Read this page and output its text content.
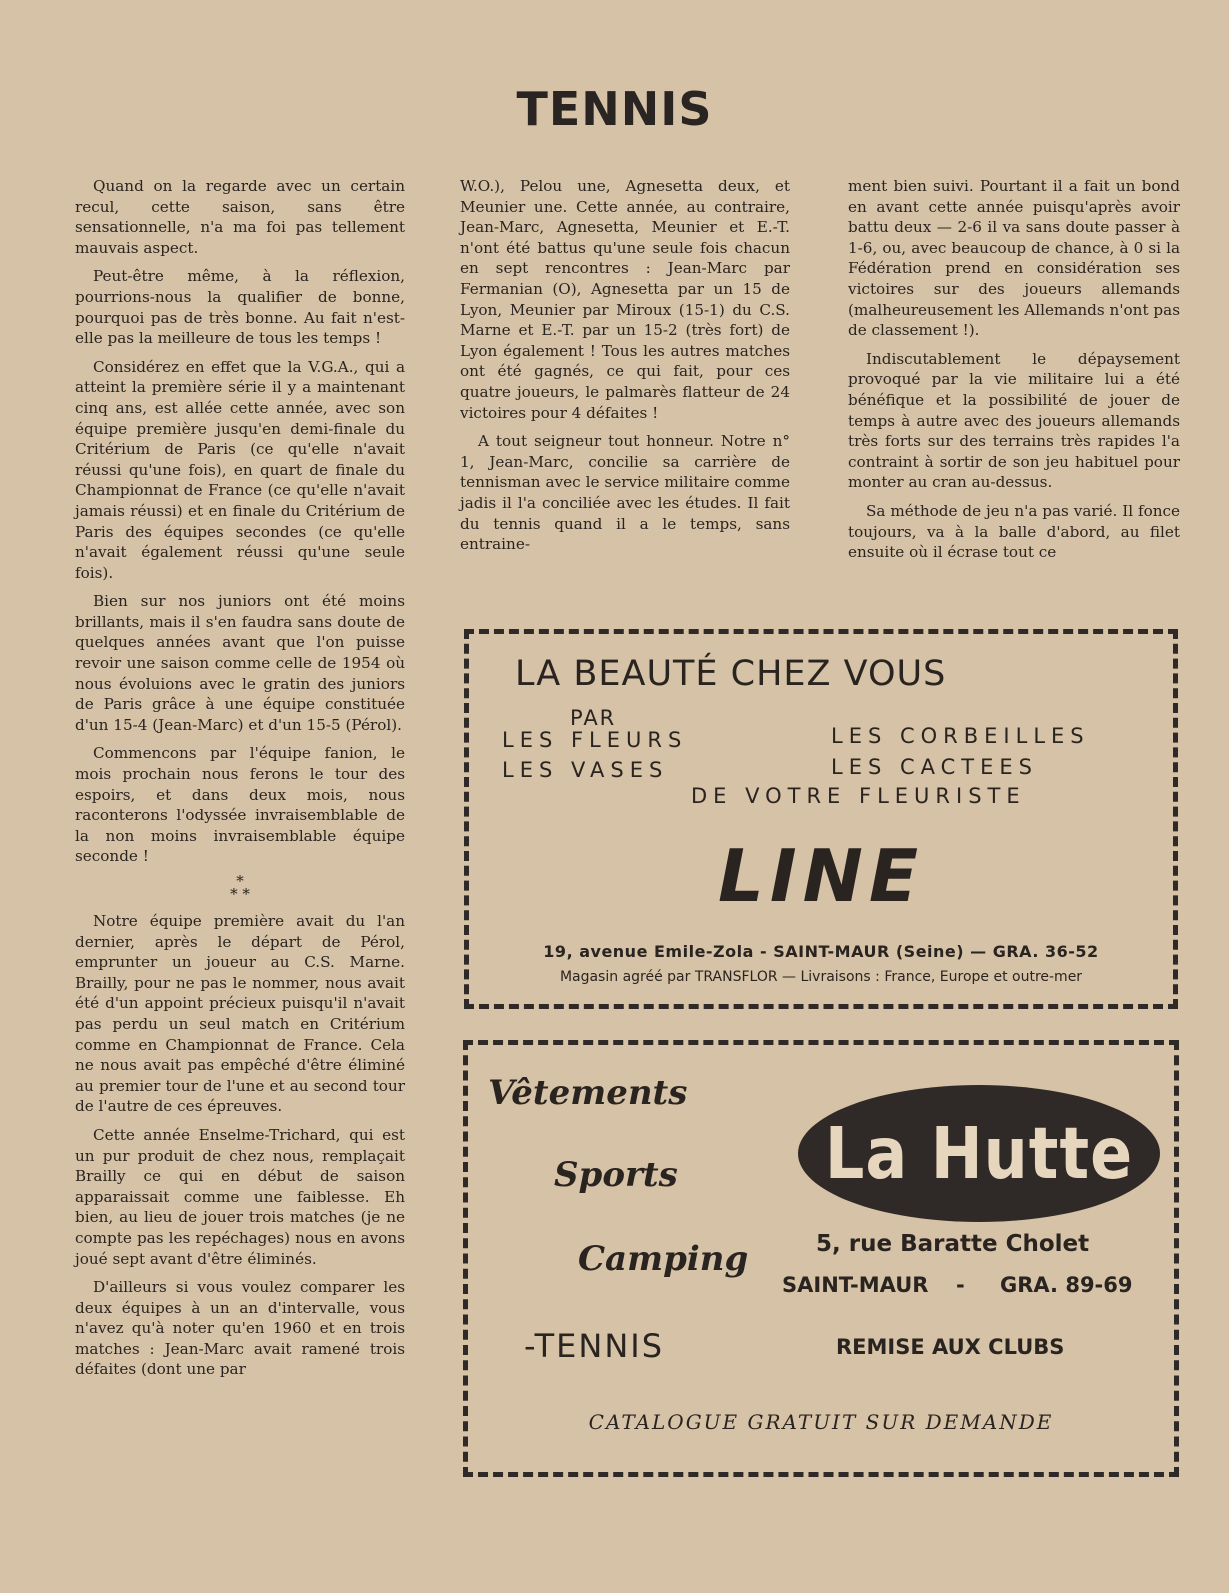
TENNIS

Quand on la regarde avec un certain recul, cette saison, sans être sensationnelle, n'a ma foi pas tellement mauvais aspect.

Peut-être même, à la réflexion, pourrions-nous la qualifier de bonne, pourquoi pas de très bonne. Au fait n'est-elle pas la meilleure de tous les temps !

Considérez en effet que la V.G.A., qui a atteint la première série il y a maintenant cinq ans, est allée cette année, avec son équipe première jusqu'en demi-finale du Critérium de Paris (ce qu'elle n'avait réussi qu'une fois), en quart de finale du Championnat de France (ce qu'elle n'avait jamais réussi) et en finale du Critérium de Paris des équipes secondes (ce qu'elle n'avait également réussi qu'une seule fois).

Bien sur nos juniors ont été moins brillants, mais il s'en faudra sans doute de quelques années avant que l'on puisse revoir une saison comme celle de 1954 où nous évoluions avec le gratin des juniors de Paris grâce à une équipe constituée d'un 15-4 (Jean-Marc) et d'un 15-5 (Pérol).

Commencons par l'équipe fanion, le mois prochain nous ferons le tour des espoirs, et dans deux mois, nous raconterons l'odyssée invraisemblable de la non moins invraisemblable équipe seconde !

*
* *

Notre équipe première avait du l'an dernier, après le départ de Pérol, emprunter un joueur au C.S. Marne. Brailly, pour ne pas le nommer, nous avait été d'un appoint précieux puisqu'il n'avait pas perdu un seul match en Critérium comme en Championnat de France. Cela ne nous avait pas empêché d'être éliminé au premier tour de l'une et au second tour de l'autre de ces épreuves.

Cette année Enselme-Trichard, qui est un pur produit de chez nous, remplaçait Brailly ce qui en début de saison apparaissait comme une faiblesse. Eh bien, au lieu de jouer trois matches (je ne compte pas les repéchages) nous en avons joué sept avant d'être éliminés.

D'ailleurs si vous voulez comparer les deux équipes à un an d'intervalle, vous n'avez qu'à noter qu'en 1960 et en trois matches : Jean-Marc avait ramené trois défaites (dont une par

W.O.), Pelou une, Agnesetta deux, et Meunier une. Cette année, au contraire, Jean-Marc, Agnesetta, Meunier et E.-T. n'ont été battus qu'une seule fois chacun en sept rencontres : Jean-Marc par Fermanian (O), Agnesetta par un 15 de Lyon, Meunier par Miroux (15-1) du C.S. Marne et E.-T. par un 15-2 (très fort) de Lyon également ! Tous les autres matches ont été gagnés, ce qui fait, pour ces quatre joueurs, le palmarès flatteur de 24 victoires pour 4 défaites !

A tout seigneur tout honneur. Notre n° 1, Jean-Marc, concilie sa carrière de tennisman avec le service militaire comme jadis il l'a conciliée avec les études. Il fait du tennis quand il a le temps, sans entraine-

ment bien suivi. Pourtant il a fait un bond en avant cette année puisqu'après avoir battu deux — 2-6 il va sans doute passer à 1-6, ou, avec beaucoup de chance, à 0 si la Fédération prend en considération ses victoires sur des joueurs allemands (malheureusement les Allemands n'ont pas de classement !).

Indiscutablement le dépaysement provoqué par la vie militaire lui a été bénéfique et la possibilité de jouer de temps à autre avec des joueurs allemands très forts sur des terrains très rapides l'a contraint à sortir de son jeu habituel pour monter au cran au-dessus.

Sa méthode de jeu n'a pas varié. Il fonce toujours, va à la balle d'abord, au filet ensuite où il écrase tout ce

LA BEAUTÉ CHEZ VOUS
PAR
LES FLEURS
LES VASES
LES CORBEILLES
LES CACTEES
DE VOTRE FLEURISTE
LINE
19, avenue Emile-Zola - SAINT-MAUR (Seine) — GRA. 36-52
Magasin agréé par TRANSFLOR — Livraisons : France, Europe et outre-mer
Vêtements
Sports
Camping
-TENNIS
La Hutte
5, rue Baratte Cholet
SAINT-MAUR - GRA. 89-69
REMISE AUX CLUBS
CATALOGUE GRATUIT SUR DEMANDE
